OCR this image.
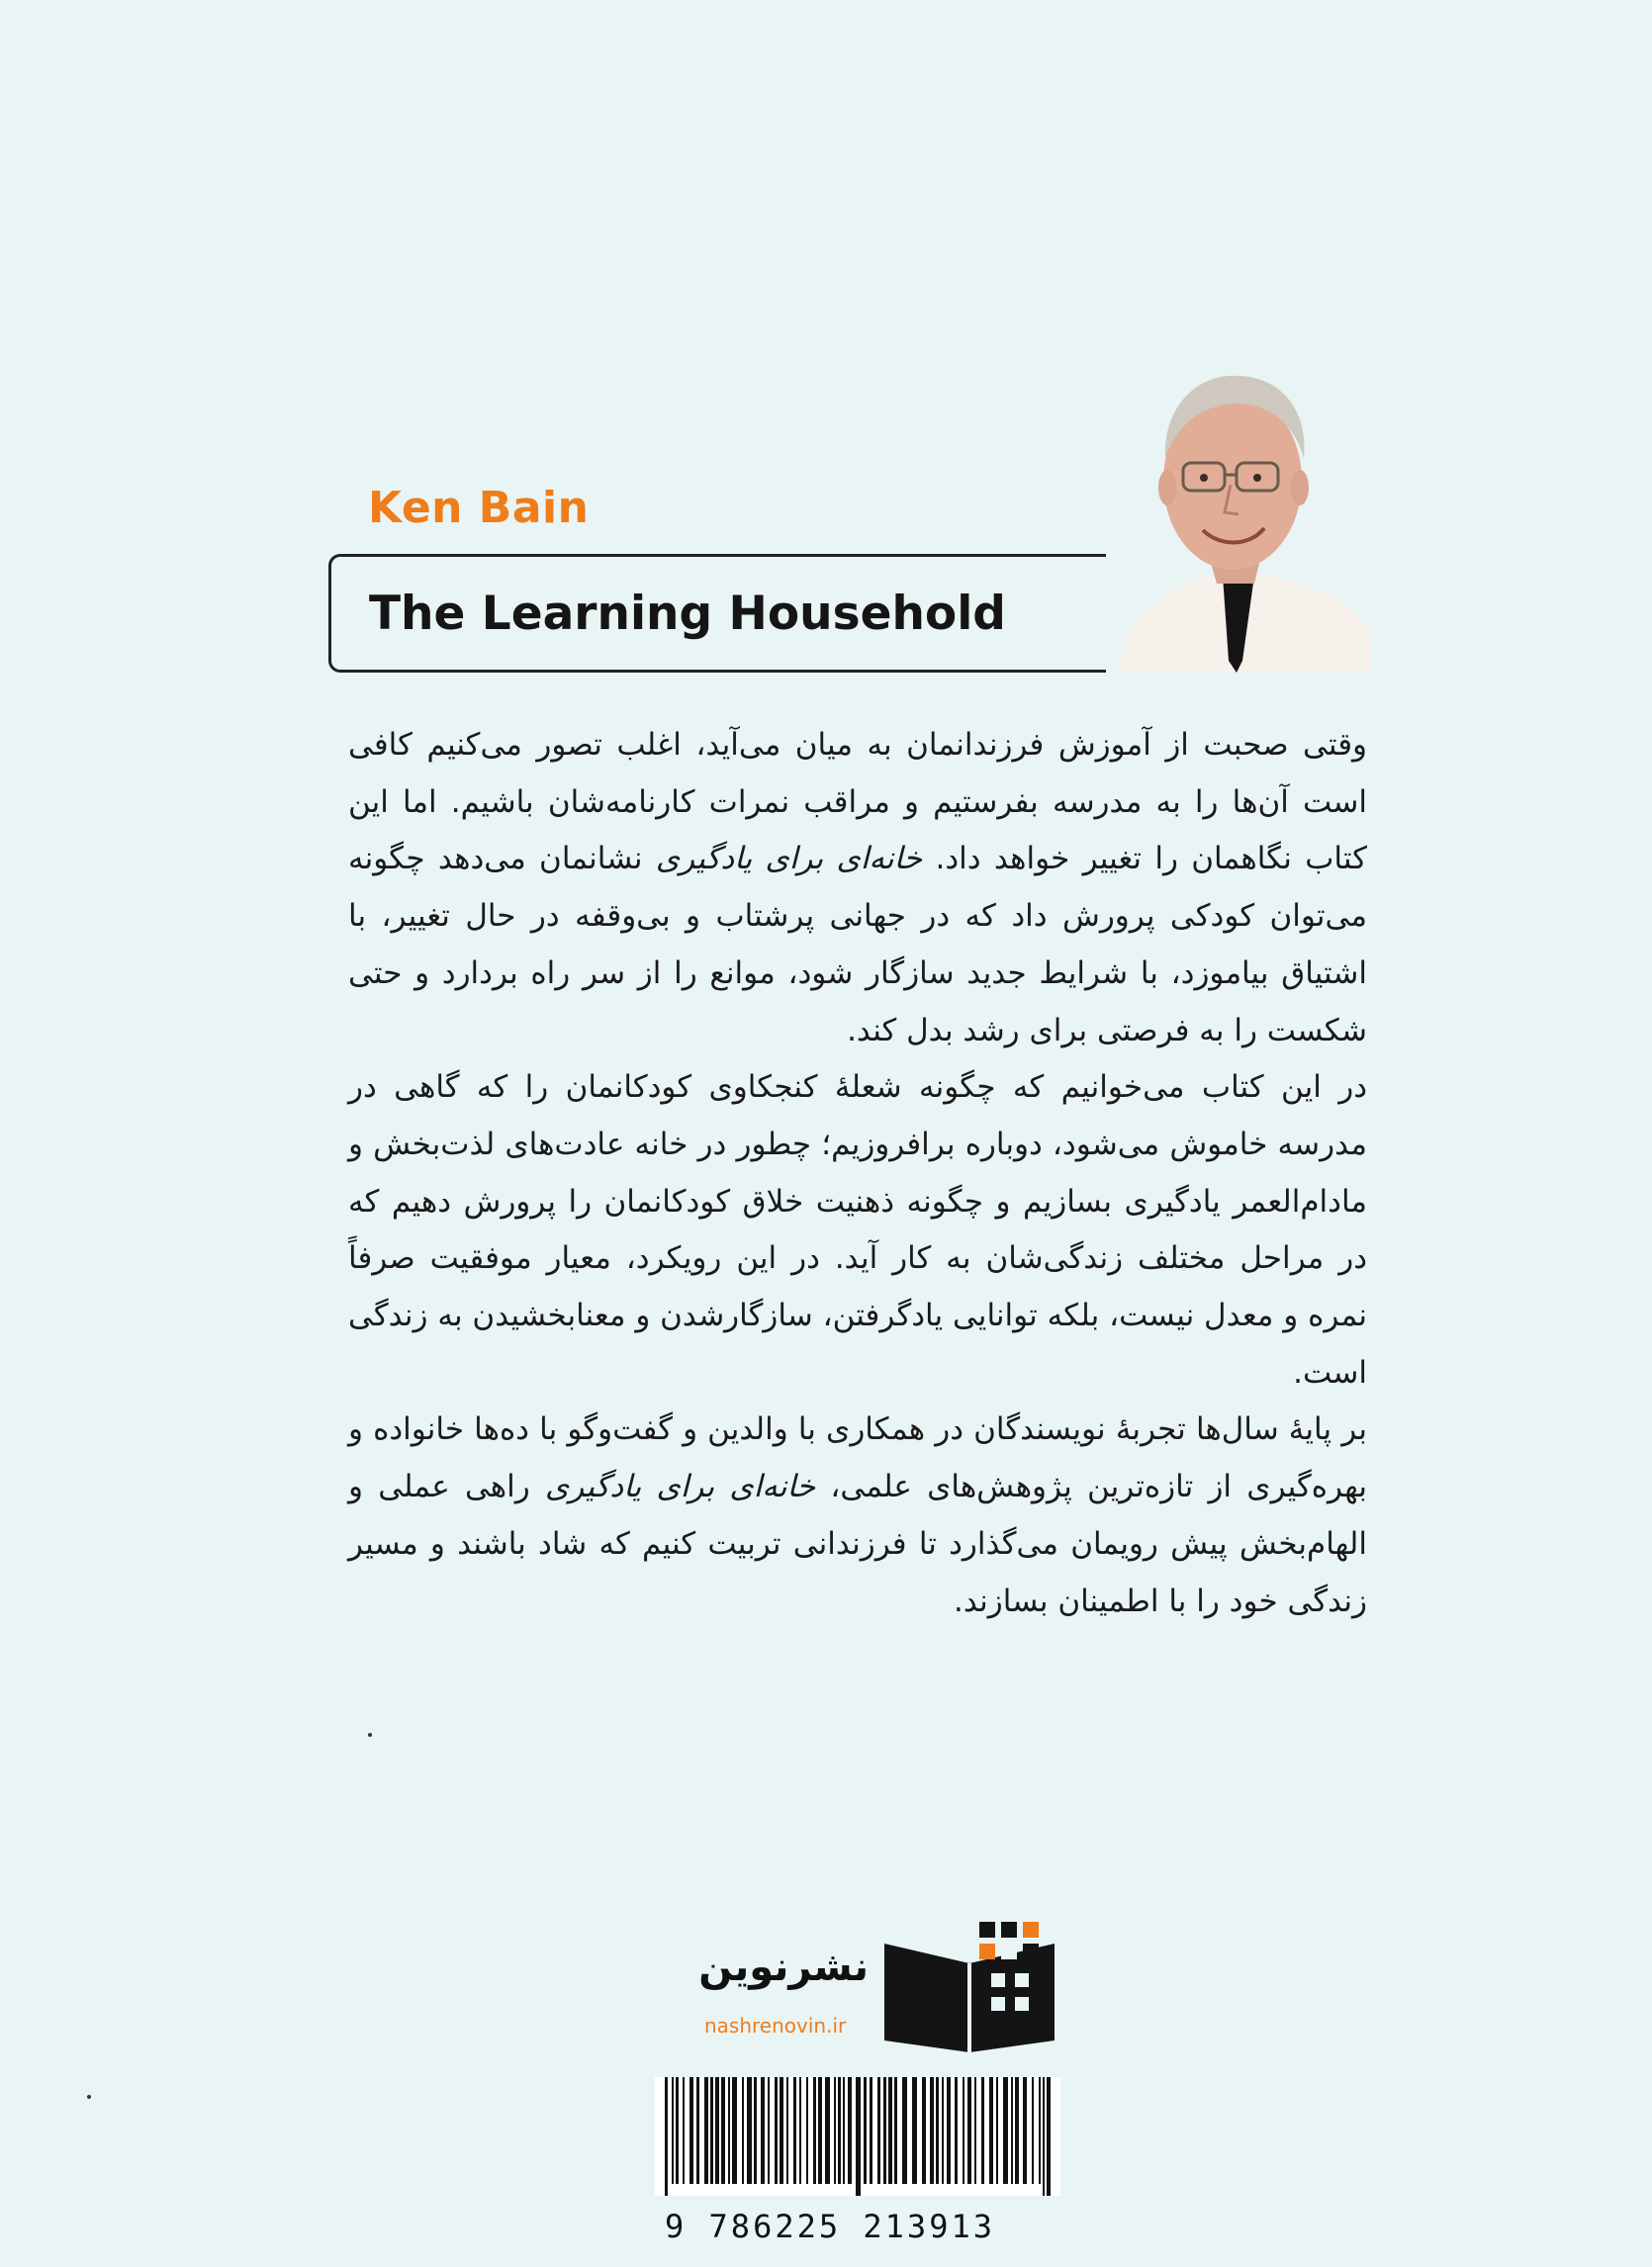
Ken Bain
The Learning Household

وقتی صحبت از آموزش فرزندانمان به میان می‌آید، اغلب تصور می‌کنیم کافی است آن‌ها را به مدرسه بفرستیم و مراقب نمرات کارنامه‌شان باشیم. اما این کتاب نگاهمان را تغییر خواهد داد. خانه‌ای برای یادگیری نشانمان می‌دهد چگونه می‌توان کودکی پرورش داد که در جهانی پرشتاب و بی‌وقفه در حال تغییر، با اشتیاق بیاموزد، با شرایط جدید سازگار شود، موانع را از سر راه بردارد و حتی شکست را به فرصتی برای رشد بدل کند.

در این کتاب می‌خوانیم که چگونه شعلهٔ کنجکاوی کودکانمان را که گاهی در مدرسه خاموش می‌شود، دوباره برافروزیم؛ چطور در خانه عادت‌های لذت‌بخش و مادام‌العمر یادگیری بسازیم و چگونه ذهنیت خلاق کودکانمان را پرورش دهیم که در مراحل مختلف زندگی‌شان به کار آید. در این رویکرد، معیار موفقیت صرفاً نمره و معدل نیست، بلکه توانایی یادگرفتن، سازگارشدن و معنابخشیدن به زندگی است.

بر پایهٔ سال‌ها تجربهٔ نویسندگان در همکاری با والدین و گفت‌وگو با ده‌ها خانواده و بهره‌گیری از تازه‌ترین پژوهش‌های علمی، خانه‌ای برای یادگیری راهی عملی و الهام‌بخش پیش رویمان می‌گذارد تا فرزندانی تربیت کنیم که شاد باشند و مسیر زندگی خود را با اطمینان بسازند.

نشرنوین
nashrenovin.ir
9 786225 213913
